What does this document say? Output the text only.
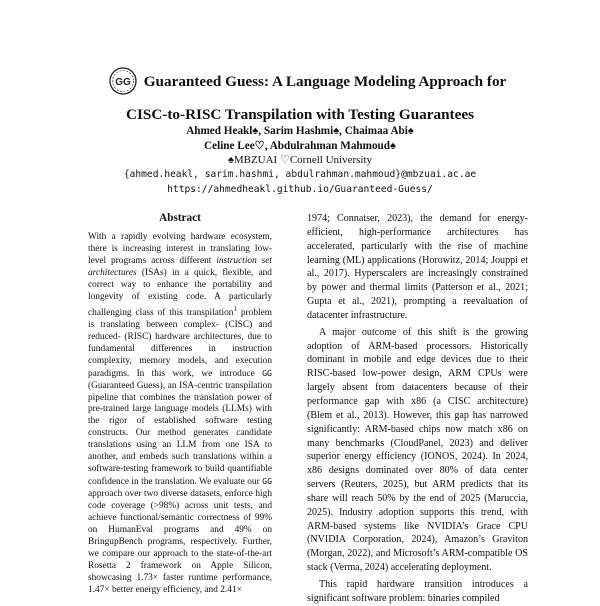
GG Guaranteed Guess: A Language Modeling Approach for
CISC-to-RISC Transpilation with Testing Guarantees
Ahmed Heakl♠, Sarim Hashmi♠, Chaimaa Abi♠
Celine Lee♡, Abdulrahman Mahmoud♠
♠MBZUAI ♡Cornell University
{ahmed.heakl, sarim.hashmi, abdulrahman.mahmoud}@mbzuai.ac.ae
https://ahmedheakl.github.io/Guaranteed-Guess/
Abstract
With a rapidly evolving hardware ecosystem, there is increasing interest in translating low-level programs across different instruction set architectures (ISAs) in a quick, flexible, and correct way to enhance the portability and longevity of existing code. A particularly challenging class of this transpilation$^1$ problem is translating between complex- (CISC) and reduced- (RISC) hardware architectures, due to fundamental differences in instruction complexity, memory models, and execution paradigms. In this work, we introduce GG (Guaranteed Guess), an ISA-centric transpilation pipeline that combines the translation power of pre-trained large language models (LLMs) with the rigor of established software testing constructs. Our method generates candidate translations using an LLM from one ISA to another, and embeds such translations within a software-testing framework to build quantifiable confidence in the translation. We evaluate our GG approach over two diverse datasets, enforce high code coverage (>98%) across unit tests, and achieve functional/semantic correctness of 99% on HumanEval programs and 49% on BringupBench programs, respectively. Further, we compare our approach to the state-of-the-art Rosetta 2 framework on Apple Silicon, showcasing 1.73× faster runtime performance, 1.47× better energy efficiency, and 2.41×

1974; Connatser, 2023), the demand for energy-efficient, high-performance architectures has accelerated, particularly with the rise of machine learning (ML) applications (Horowitz, 2014; Jouppi et al., 2017). Hyperscalers are increasingly constrained by power and thermal limits (Patterson et al., 2021; Gupta et al., 2021), prompting a reevaluation of datacenter infrastructure.

A major outcome of this shift is the growing adoption of ARM-based processors. Historically dominant in mobile and edge devices due to their RISC-based low-power design, ARM CPUs were largely absent from datacenters because of their performance gap with x86 (a CISC architecture) (Blem et al., 2013). However, this gap has narrowed significantly: ARM-based chips now match x86 on many benchmarks (CloudPanel, 2023) and deliver superior energy efficiency (IONOS, 2024). In 2024, x86 designs dominated over 80% of data center servers (Reuters, 2025), but ARM predicts that its share will reach 50% by the end of 2025 (Maruccia, 2025). Industry adoption supports this trend, with ARM-based systems like NVIDIA’s Grace CPU (NVIDIA Corporation, 2024), Amazon’s Graviton (Morgan, 2022), and Microsoft’s ARM-compatible OS stack (Verma, 2024) accelerating deployment.

This rapid hardware transition introduces a significant software problem: binaries compiled
